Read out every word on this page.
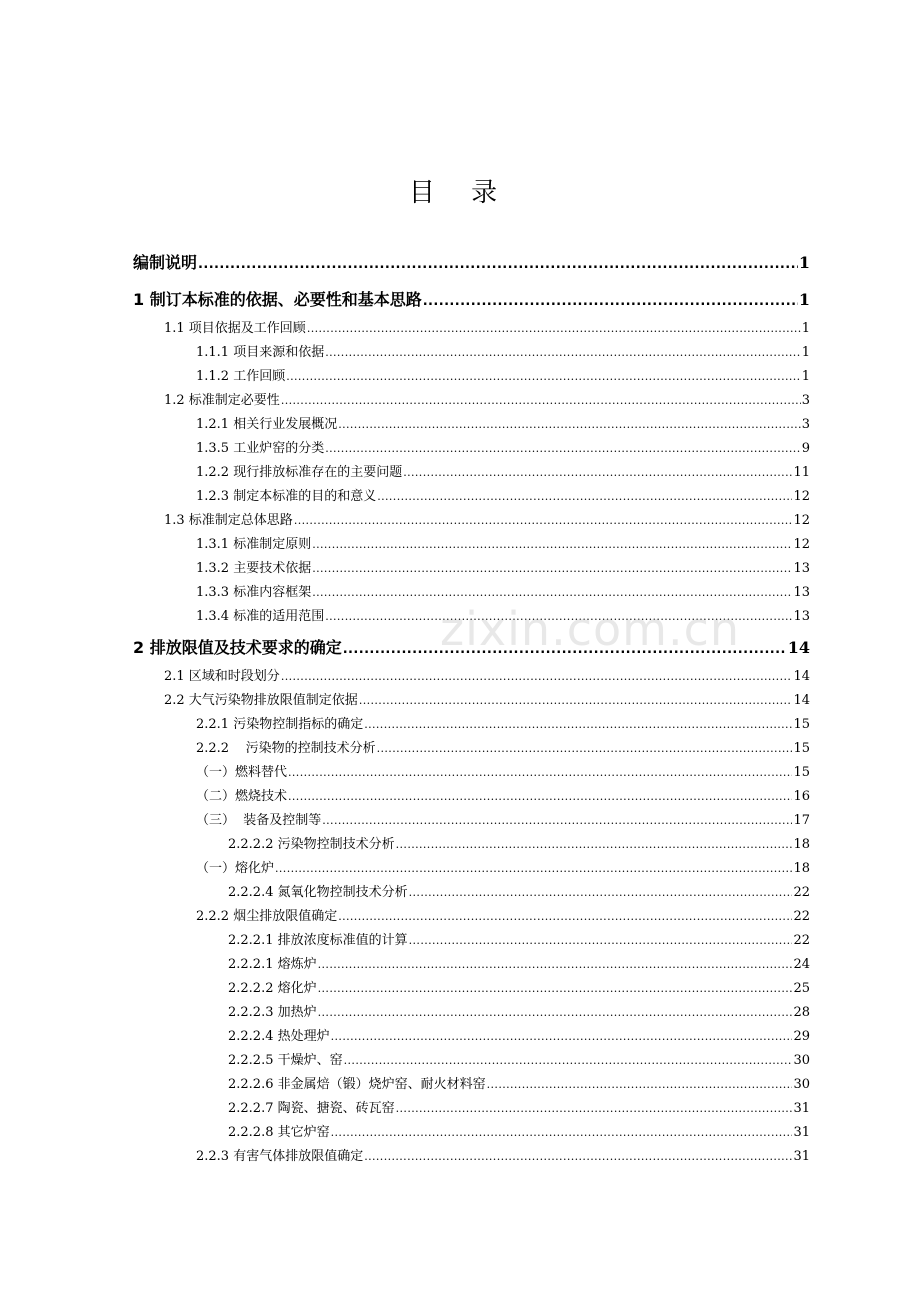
目 录
编制说明 .....	1
1 制订本标准的依据、必要性和基本思路 .....	1
1.1 项目依据及工作回顾 .....	1
1.1.1 项目来源和依据 .....	1
1.1.2 工作回顾 .....	1
1.2 标准制定必要性 .....	3
1.2.1 相关行业发展概况 .....	3
1.3.5 工业炉窑的分类 .....	9
1.2.2 现行排放标准存在的主要问题 .....	11
1.2.3 制定本标准的目的和意义 .....	12
1.3 标准制定总体思路 .....	12
1.3.1 标准制定原则 .....	12
1.3.2 主要技术依据 .....	13
1.3.3 标准内容框架 .....	13
1.3.4 标准的适用范围 .....	13
2 排放限值及技术要求的确定 .....	14
2.1 区域和时段划分 .....	14
2.2 大气污染物排放限值制定依据 .....	14
2.2.1 污染物控制指标的确定 .....	15
2.2.2    污染物的控制技术分析 .....	15
（一）燃料替代 .....	15
（二）燃烧技术 .....	16
（三）  装备及控制等 .....	17
2.2.2.2 污染物控制技术分析 .....	18
（一）熔化炉 .....	18
2.2.2.4 氮氧化物控制技术分析 .....	22
2.2.2 烟尘排放限值确定 .....	22
2.2.2.1 排放浓度标准值的计算 .....	22
2.2.2.1 熔炼炉 .....	24
2.2.2.2 熔化炉 .....	25
2.2.2.3 加热炉 .....	28
2.2.2.4 热处理炉 .....	29
2.2.2.5 干燥炉、窑 .....	30
2.2.2.6 非金属焙（锻）烧炉窑、耐火材料窑 .....	30
2.2.2.7 陶瓷、搪瓷、砖瓦窑 .....	31
2.2.2.8 其它炉窑 .....	31
2.2.3 有害气体排放限值确定 .....	31
zixin.com.cn
